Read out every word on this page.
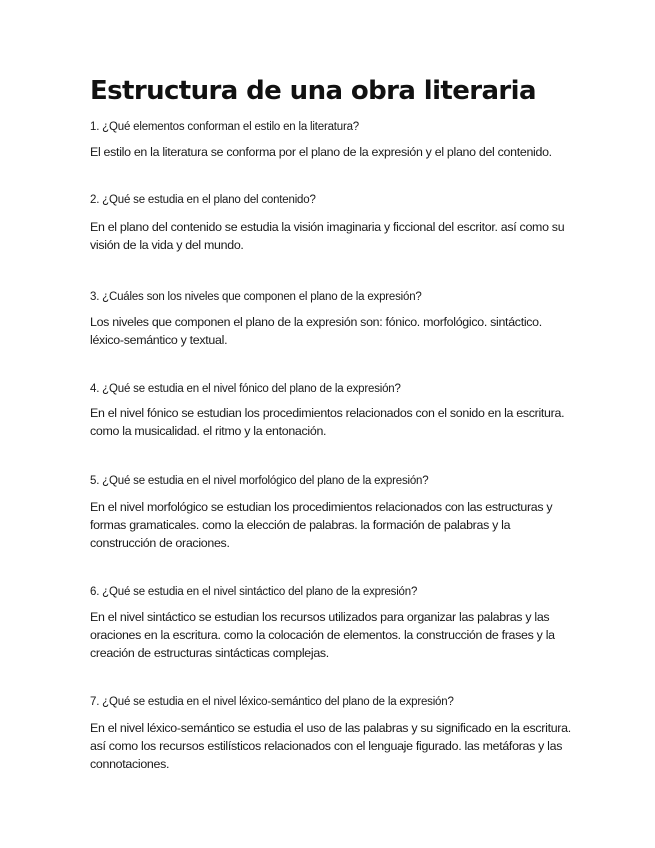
Estructura de una obra literaria

1. ¿Qué elementos conforman el estilo en la literatura?

El estilo en la literatura se conforma por el plano de la expresión y el plano del contenido.

2. ¿Qué se estudia en el plano del contenido?

En el plano del contenido se estudia la visión imaginaria y ficcional del escritor. así como su visión de la vida y del mundo.

3. ¿Cuáles son los niveles que componen el plano de la expresión?

Los niveles que componen el plano de la expresión son: fónico. morfológico. sintáctico. léxico-semántico y textual.

4. ¿Qué se estudia en el nivel fónico del plano de la expresión?

En el nivel fónico se estudian los procedimientos relacionados con el sonido en la escritura. como la musicalidad. el ritmo y la entonación.

5. ¿Qué se estudia en el nivel morfológico del plano de la expresión?

En el nivel morfológico se estudian los procedimientos relacionados con las estructuras y formas gramaticales. como la elección de palabras. la formación de palabras y la construcción de oraciones.

6. ¿Qué se estudia en el nivel sintáctico del plano de la expresión?

En el nivel sintáctico se estudian los recursos utilizados para organizar las palabras y las oraciones en la escritura. como la colocación de elementos. la construcción de frases y la creación de estructuras sintácticas complejas.

7. ¿Qué se estudia en el nivel léxico-semántico del plano de la expresión?

En el nivel léxico-semántico se estudia el uso de las palabras y su significado en la escritura. así como los recursos estilísticos relacionados con el lenguaje figurado. las metáforas y las connotaciones.
